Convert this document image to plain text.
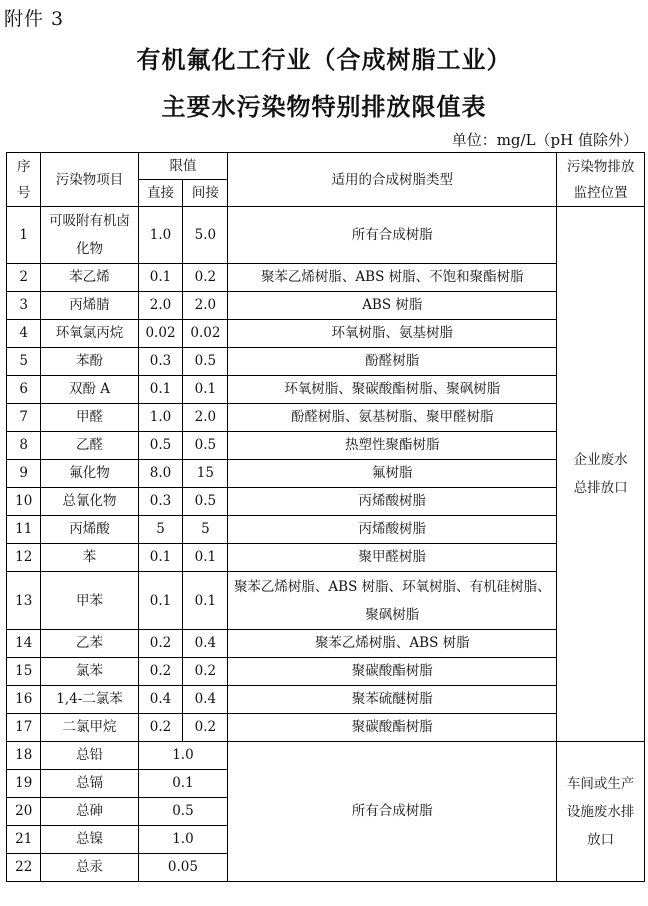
附件 3
有机氟化工行业（合成树脂工业）
主要水污染物特别排放限值表
单位：mg/L（pH 值除外）
序号	污染物项目	限值		适用的合成树脂类型	污染物排放监控位置
		直接	间接		
1	可吸附有机卤化物	1.0	5.0	所有合成树脂	企业废水总排放口
2	苯乙烯	0.1	0.2	聚苯乙烯树脂、ABS 树脂、不饱和聚酯树脂	
3	丙烯腈	2.0	2.0	ABS 树脂	
4	环氧氯丙烷	0.02	0.02	环氧树脂、氨基树脂	
5	苯酚	0.3	0.5	酚醛树脂	
6	双酚 A	0.1	0.1	环氧树脂、聚碳酸酯树脂、聚砜树脂	
7	甲醛	1.0	2.0	酚醛树脂、氨基树脂、聚甲醛树脂	
8	乙醛	0.5	0.5	热塑性聚酯树脂	
9	氟化物	8.0	15	氟树脂	
10	总氰化物	0.3	0.5	丙烯酸树脂	
11	丙烯酸	5	5	丙烯酸树脂	
12	苯	0.1	0.1	聚甲醛树脂	
13	甲苯	0.1	0.1	聚苯乙烯树脂、ABS 树脂、环氧树脂、有机硅树脂、聚砜树脂	
14	乙苯	0.2	0.4	聚苯乙烯树脂、ABS 树脂	
15	氯苯	0.2	0.2	聚碳酸酯树脂	
16	1,4-二氯苯	0.4	0.4	聚苯硫醚树脂	
17	二氯甲烷	0.2	0.2	聚碳酸酯树脂	
18	总铅	1.0		所有合成树脂	车间或生产设施废水排放口
19	总镉	0.1			
20	总砷	0.5			
21	总镍	1.0			
22	总汞	0.05			
